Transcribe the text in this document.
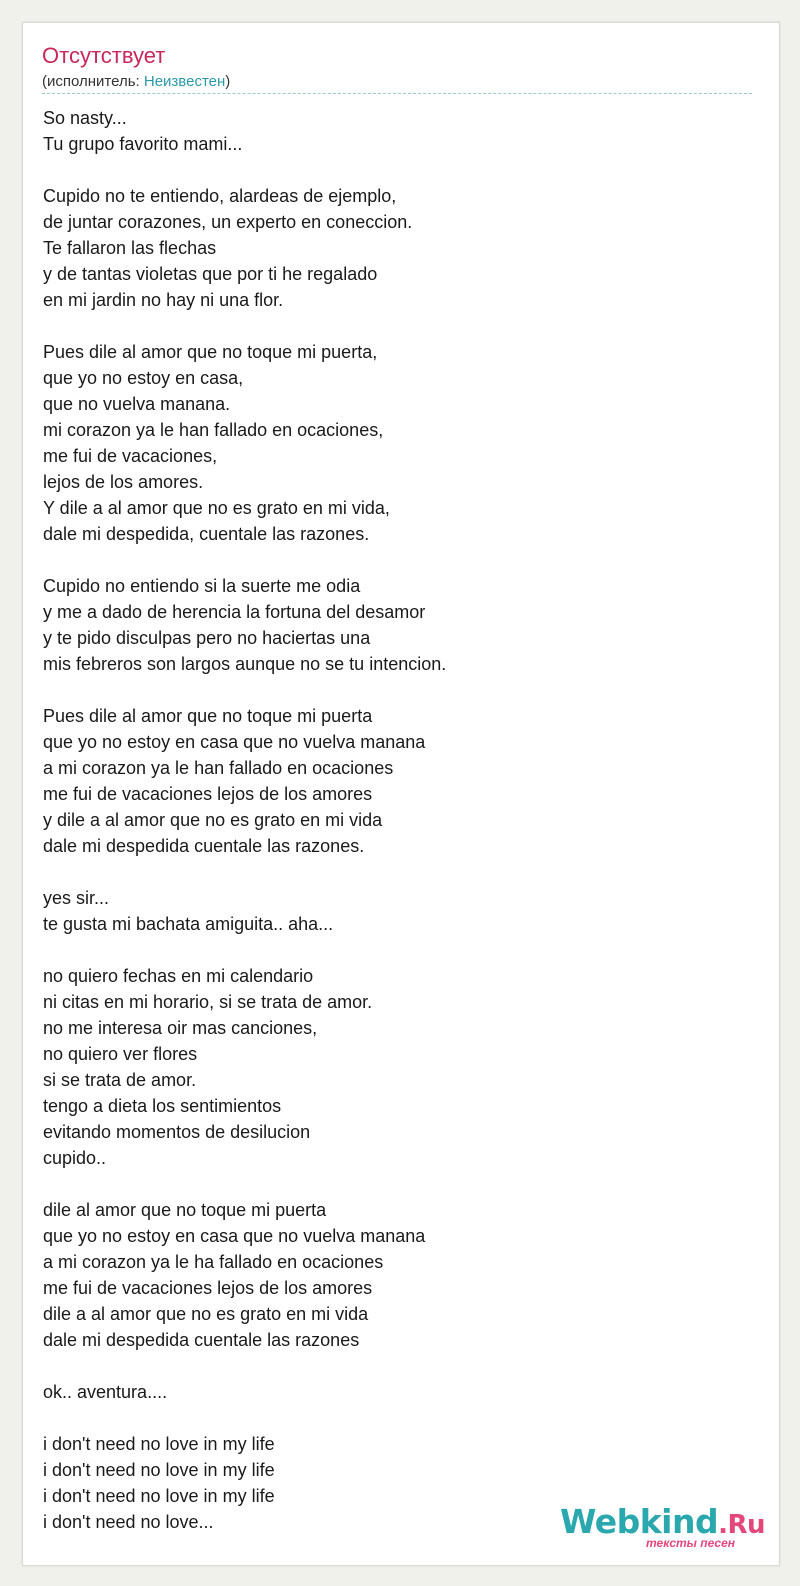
Отсутствует
(исполнитель: Неизвестен)
So nasty...
Tu grupo favorito mami...
Cupido no te entiendo, alardeas de ejemplo,
de juntar corazones, un experto en coneccion.
Te fallaron las flechas
y de tantas violetas que por ti he regalado
en mi jardin no hay ni una flor.
Pues dile al amor que no toque mi puerta,
que yo no estoy en casa,
que no vuelva manana.
mi corazon ya le han fallado en ocaciones,
me fui de vacaciones,
lejos de los amores.
Y dile a al amor que no es grato en mi vida,
dale mi despedida, cuentale las razones.
Cupido no entiendo si la suerte me odia
y me a dado de herencia la fortuna del desamor
y te pido disculpas pero no haciertas una
mis febreros son largos aunque no se tu intencion.
Pues dile al amor que no toque mi puerta
que yo no estoy en casa que no vuelva manana
a mi corazon ya le han fallado en ocaciones
me fui de vacaciones lejos de los amores
y dile a al amor que no es grato en mi vida
dale mi despedida cuentale las razones.
yes sir...
te gusta mi bachata amiguita.. aha...
no quiero fechas en mi calendario
ni citas en mi horario, si se trata de amor.
no me interesa oir mas canciones,
no quiero ver flores
si se trata de amor.
tengo a dieta los sentimientos
evitando momentos de desilucion
cupido..
dile al amor que no toque mi puerta
que yo no estoy en casa que no vuelva manana
a mi corazon ya le ha fallado en ocaciones
me fui de vacaciones lejos de los amores
dile a al amor que no es grato en mi vida
dale mi despedida cuentale las razones
ok.. aventura....
i don't need no love in my life
i don't need no love in my life
i don't need no love in my life
i don't need no love...	Webkind.Ru
тексты песен
